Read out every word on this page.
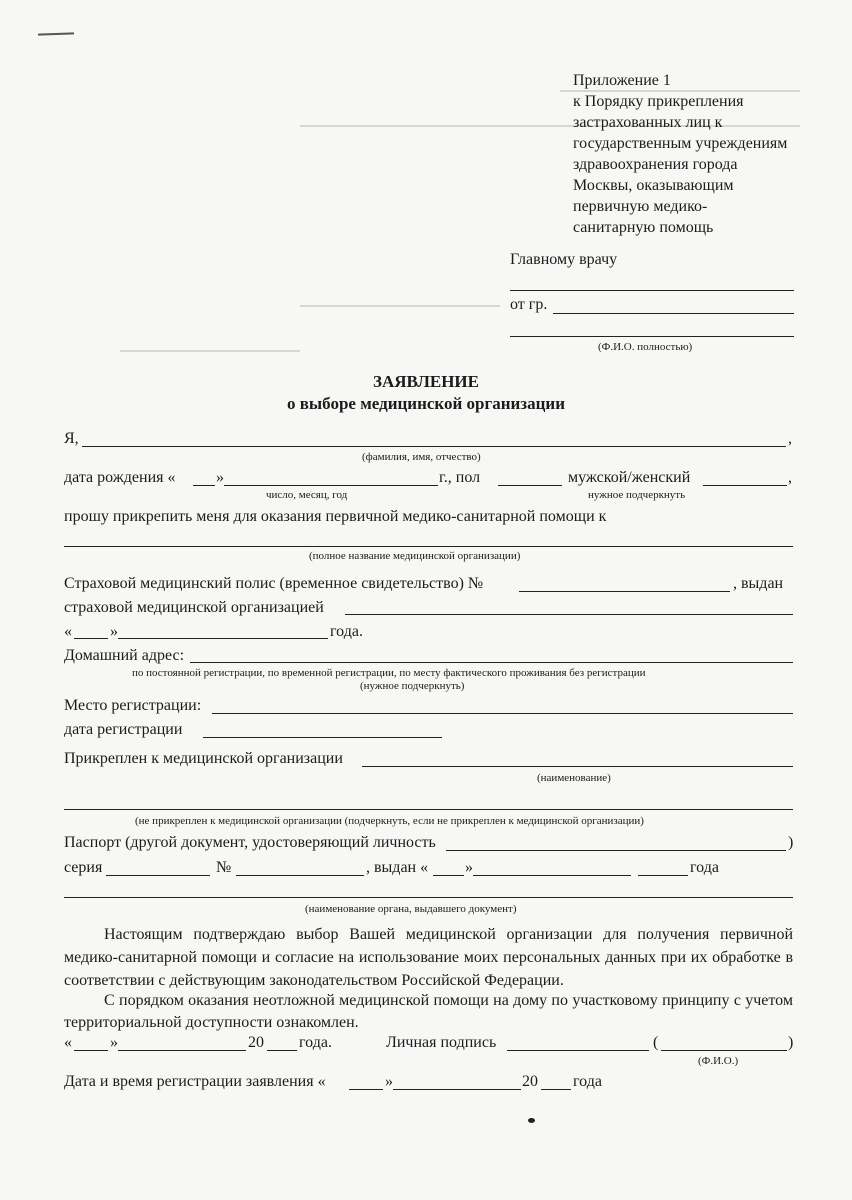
Приложение 1
к Порядку прикрепления
застрахованных лиц к
государственным учреждениям
здравоохранения города
Москвы, оказывающим
первичную медико-
санитарную помощь
Главному врачу
от гр.
(Ф.И.О. полностью)
ЗАЯВЛЕНИЕ
о выборе медицинской организации
Я,	,
(фамилия, имя, отчество)
дата рождения «	»	г., пол	мужской/женский	,
число, месяц, год	нужное подчеркнуть
прошу прикрепить меня для оказания первичной медико-санитарной помощи к
(полное название медицинской организации)
Страховой медицинский полис (временное свидетельство) №	, выдан
страховой медицинской организацией
« »	года.
Домашний адрес:
по постоянной регистрации, по временной регистрации, по месту фактического проживания без регистрации
(нужное подчеркнуть)
Место регистрации:
дата регистрации
Прикреплен к медицинской организации
(наименование)
(не прикреплен к медицинской организации (подчеркнуть, если не прикреплен к медицинской организации)
Паспорт (другой документ, удостоверяющий личность	)
серия	№	, выдан « »	года
(наименование органа, выдавшего документ)
Настоящим подтверждаю выбор Вашей медицинской организации для получения первичной медико-санитарной помощи и согласие на использование моих персональных данных при их обработке в соответствии с действующим законодательством Российской Федерации.
С порядком оказания неотложной медицинской помощи на дому по участковому принципу с учетом территориальной доступности ознакомлен.
« »	20 года.	Личная подпись	(	)
(Ф.И.О.)
Дата и время регистрации заявления «	»	20 года
